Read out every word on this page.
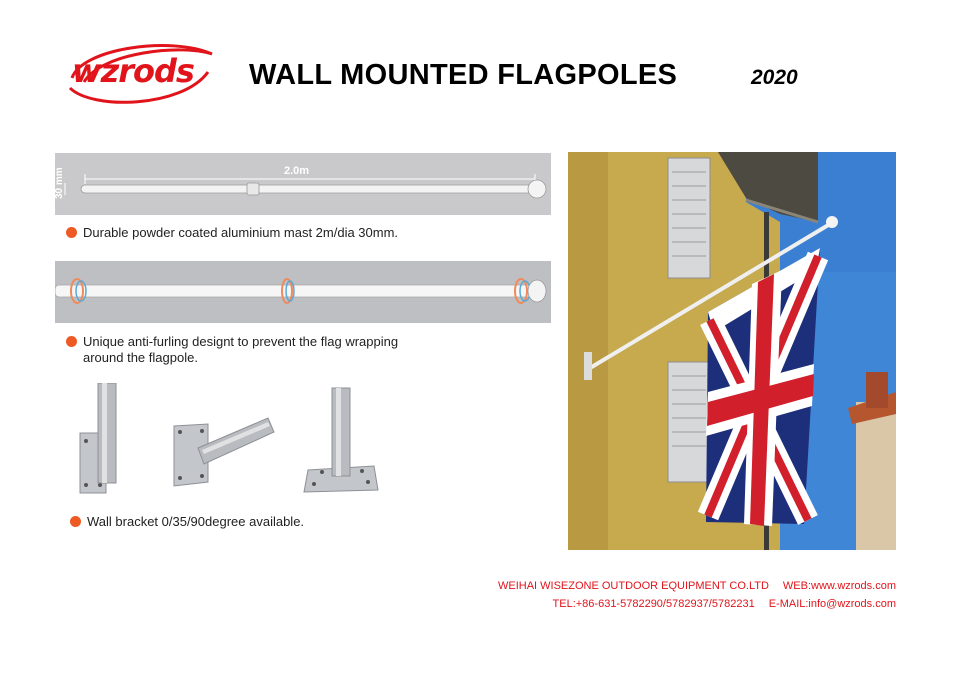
wzrods WALL MOUNTED FLAGPOLES	2020
2.0m
30 mm
Durable powder coated aluminium mast 2m/dia 30mm.
Unique anti-furling designt to prevent the flag wrapping around the flagpole.
Wall bracket 0/35/90degree available.
WEIHAI WISEZONE OUTDOOR EQUIPMENT CO.LTD WEB:www.wzrods.com
TEL:+86-631-5782290/5782937/5782231 E-MAIL:info@wzrods.com
